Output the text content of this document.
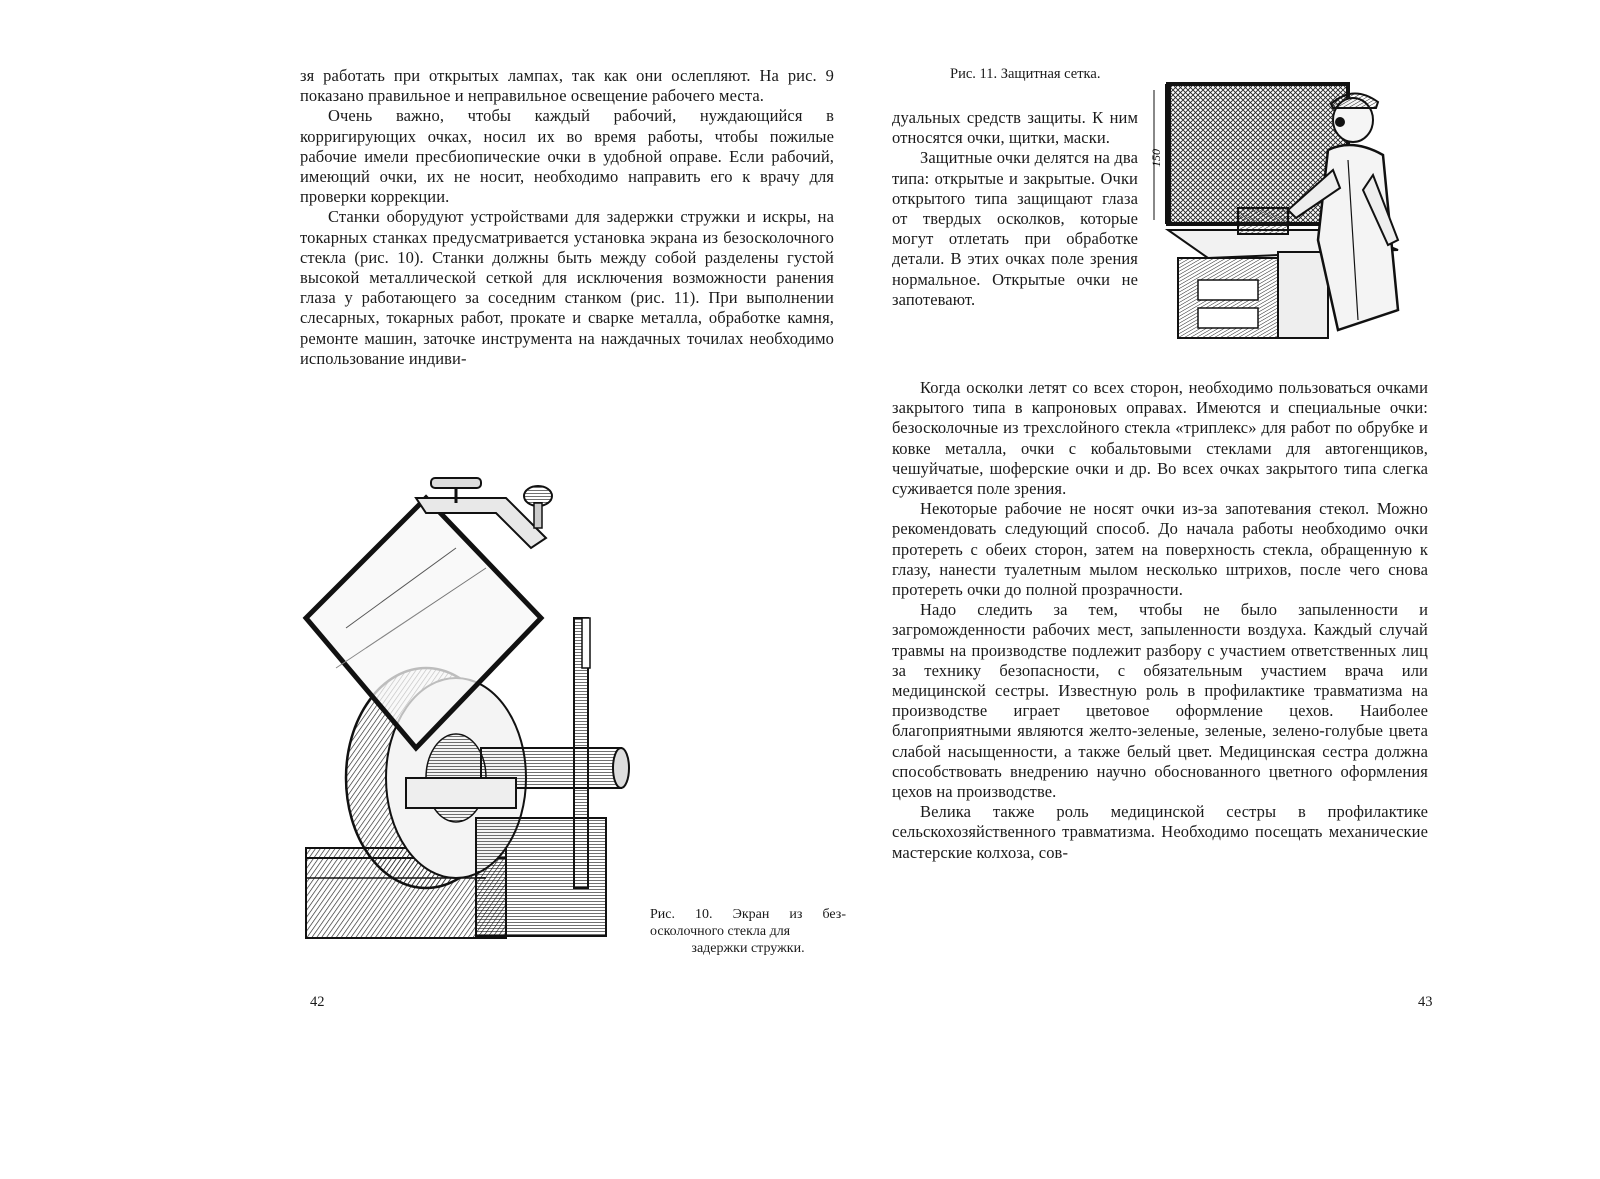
зя работать при открытых лампах, так как они ослепляют. На рис. 9 показано правильное и неправильное освещение рабочего места.

Очень важно, чтобы каждый рабочий, нуждающийся в корригирующих очках, носил их во время работы, чтобы пожилые рабочие имели пресбиопические очки в удобной оправе. Если рабочий, имеющий очки, их не носит, необходимо направить его к врачу для проверки коррекции.

Станки оборудуют устройствами для задержки стружки и искры, на токарных станках предусматривается установка экрана из безосколочного стекла (рис. 10). Станки должны быть между собой разделены густой высокой металлической сеткой для исключения возможности ранения глаза у работающего за соседним станком (рис. 11). При выполнении слесарных, токарных работ, прокате и сварке металла, обработке камня, ремонте машин, заточке инструмента на наждачных точилах необходимо использование индиви-

Рис. 10. Экран из без- осколочного стекла для
задержки стружки.
42
Рис. 11. Защитная сетка.
150

дуальных средств защиты. К ним относятся очки, щитки, маски.

Защитные очки делятся на два типа: открытые и закрытые. Очки открытого типа защищают глаза от твердых осколков, которые могут отлетать при обработке детали. В этих очках поле зрения нормальное. Открытые очки не запотевают.

Когда осколки летят со всех сторон, необходимо пользоваться очками закрытого типа в капроновых оправах. Имеются и специальные очки: безосколочные из трехслойного стекла «триплекс» для работ по обрубке и ковке металла, очки с кобальтовыми стеклами для автогенщиков, чешуйчатые, шоферские очки и др. Во всех очках закрытого типа слегка суживается поле зрения.

Некоторые рабочие не носят очки из-за запотевания стекол. Можно рекомендовать следующий способ. До начала работы необходимо очки протереть с обеих сторон, затем на поверхность стекла, обращенную к глазу, нанести туалетным мылом несколько штрихов, после чего снова протереть очки до полной прозрачности.

Надо следить за тем, чтобы не было запыленности и загроможденности рабочих мест, запыленности воздуха. Каждый случай травмы на производстве подлежит разбору с участием ответственных лиц за технику безопасности, с обязательным участием врача или медицинской сестры. Известную роль в профилактике травматизма на производстве играет цветовое оформление цехов. Наиболее благоприятными являются желто-зеленые, зеленые, зелено-голубые цвета слабой насыщенности, а также белый цвет. Медицинская сестра должна способствовать внедрению научно обоснованного цветного оформления цехов на производстве.

Велика также роль медицинской сестры в профилактике сельскохозяйственного травматизма. Необходимо посещать механические мастерские колхоза, сов-

43
